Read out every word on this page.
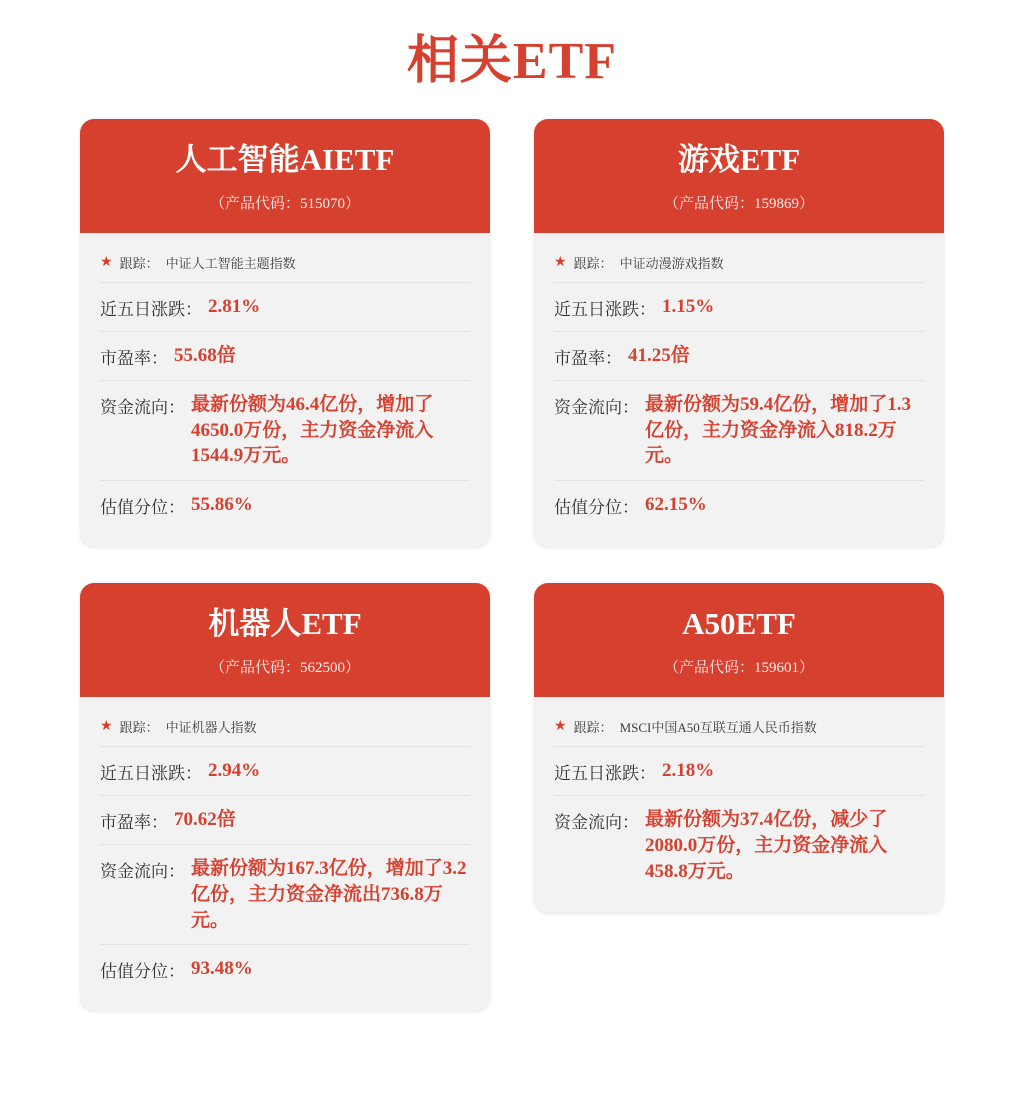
相关ETF
人工智能AIETF
（产品代码：515070）
★ 跟踪： 中证人工智能主题指数
近五日涨跌： 2.81%
市盈率： 55.68倍
资金流向： 最新份额为46.4亿份，增加了4650.0万份，主力资金净流入1544.9万元。
估值分位： 55.86%
游戏ETF
（产品代码：159869）
★ 跟踪： 中证动漫游戏指数
近五日涨跌： 1.15%
市盈率： 41.25倍
资金流向： 最新份额为59.4亿份，增加了1.3亿份，主力资金净流入818.2万元。
估值分位： 62.15%
机器人ETF
（产品代码：562500）
★ 跟踪： 中证机器人指数
近五日涨跌： 2.94%
市盈率： 70.62倍
资金流向： 最新份额为167.3亿份，增加了3.2亿份，主力资金净流出736.8万元。
估值分位： 93.48%
A50ETF
（产品代码：159601）
★ 跟踪： MSCI中国A50互联互通人民币指数
近五日涨跌： 2.18%
资金流向： 最新份额为37.4亿份，减少了2080.0万份，主力资金净流入458.8万元。
